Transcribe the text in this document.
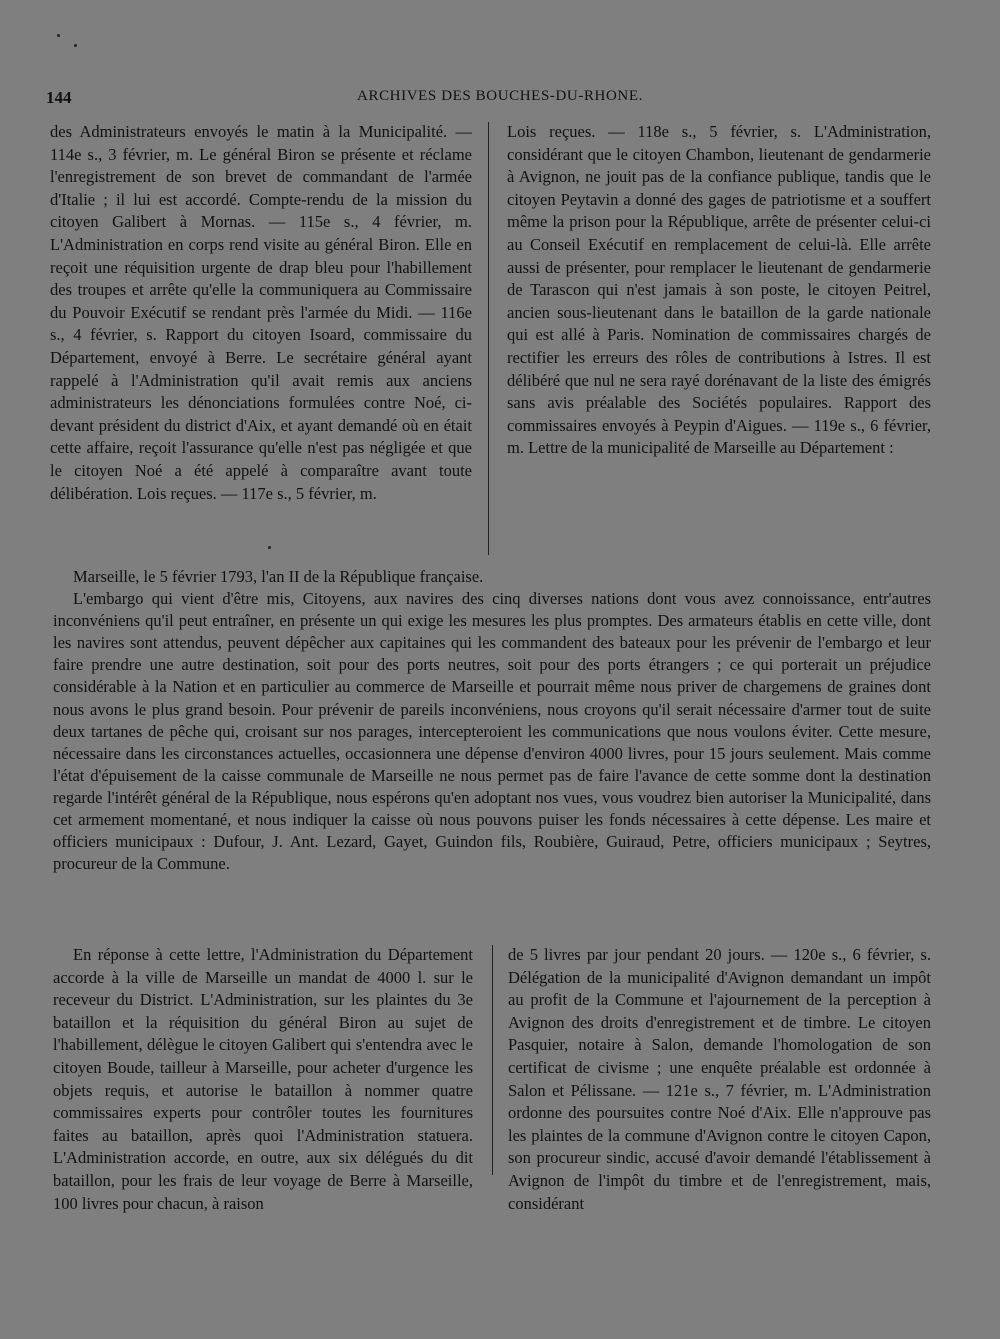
144	ARCHIVES DES BOUCHES-DU-RHONE.

des Administrateurs envoyés le matin à la Municipalité. — 114e s., 3 février, m. Le général Biron se présente et réclame l'enregistrement de son brevet de commandant de l'armée d'Italie ; il lui est accordé. Compte-rendu de la mission du citoyen Galibert à Mornas. — 115e s., 4 février, m. L'Administration en corps rend visite au général Biron. Elle en reçoit une réquisition urgente de drap bleu pour l'habillement des troupes et arrête qu'elle la communiquera au Commissaire du Pouvoir Exécutif se rendant près l'armée du Midi. — 116e s., 4 février, s. Rapport du citoyen Isoard, commissaire du Département, envoyé à Berre. Le secrétaire général ayant rappelé à l'Administration qu'il avait remis aux anciens administrateurs les dénonciations formulées contre Noé, ci-devant président du district d'Aix, et ayant demandé où en était cette affaire, reçoit l'assurance qu'elle n'est pas négligée et que le citoyen Noé a été appelé à comparaître avant toute délibération. Lois reçues. — 117e s., 5 février, m.

Lois reçues. — 118e s., 5 février, s. L'Administration, considérant que le citoyen Chambon, lieutenant de gendarmerie à Avignon, ne jouit pas de la confiance publique, tandis que le citoyen Peytavin a donné des gages de patriotisme et a souffert même la prison pour la République, arrête de présenter celui-ci au Conseil Exécutif en remplacement de celui-là. Elle arrête aussi de présenter, pour remplacer le lieutenant de gendarmerie de Tarascon qui n'est jamais à son poste, le citoyen Peitrel, ancien sous-lieutenant dans le bataillon de la garde nationale qui est allé à Paris. Nomination de commissaires chargés de rectifier les erreurs des rôles de contributions à Istres. Il est délibéré que nul ne sera rayé dorénavant de la liste des émigrés sans avis préalable des Sociétés populaires. Rapport des commissaires envoyés à Peypin d'Aigues. — 119e s., 6 février, m. Lettre de la municipalité de Marseille au Département :

Marseille, le 5 février 1793, l'an II de la République française.

L'embargo qui vient d'être mis, Citoyens, aux navires des cinq diverses nations dont vous avez connoissance, entr'autres inconvéniens qu'il peut entraîner, en présente un qui exige les mesures les plus promptes. Des armateurs établis en cette ville, dont les navires sont attendus, peuvent dépêcher aux capitaines qui les commandent des bateaux pour les prévenir de l'embargo et leur faire prendre une autre destination, soit pour des ports neutres, soit pour des ports étrangers ; ce qui porterait un préjudice considérable à la Nation et en particulier au commerce de Marseille et pourrait même nous priver de chargemens de graines dont nous avons le plus grand besoin. Pour prévenir de pareils inconvéniens, nous croyons qu'il serait nécessaire d'armer tout de suite deux tartanes de pêche qui, croisant sur nos parages, intercepteroient les communications que nous voulons éviter. Cette mesure, nécessaire dans les circonstances actuelles, occasionnera une dépense d'environ 4000 livres, pour 15 jours seulement. Mais comme l'état d'épuisement de la caisse communale de Marseille ne nous permet pas de faire l'avance de cette somme dont la destination regarde l'intérêt général de la République, nous espérons qu'en adoptant nos vues, vous voudrez bien autoriser la Municipalité, dans cet armement momentané, et nous indiquer la caisse où nous pouvons puiser les fonds nécessaires à cette dépense. Les maire et officiers municipaux : Dufour, J. Ant. Lezard, Gayet, Guindon fils, Roubière, Guiraud, Petre, officiers municipaux ; Seytres, procureur de la Commune.

En réponse à cette lettre, l'Administration du Département accorde à la ville de Marseille un mandat de 4000 l. sur le receveur du District. L'Administration, sur les plaintes du 3e bataillon et la réquisition du général Biron au sujet de l'habillement, délègue le citoyen Galibert qui s'entendra avec le citoyen Boude, tailleur à Marseille, pour acheter d'urgence les objets requis, et autorise le bataillon à nommer quatre commissaires experts pour contrôler toutes les fournitures faites au bataillon, après quoi l'Administration statuera. L'Administration accorde, en outre, aux six délégués du dit bataillon, pour les frais de leur voyage de Berre à Marseille, 100 livres pour chacun, à raison

de 5 livres par jour pendant 20 jours. — 120e s., 6 février, s. Délégation de la municipalité d'Avignon demandant un impôt au profit de la Commune et l'ajournement de la perception à Avignon des droits d'enregistrement et de timbre. Le citoyen Pasquier, notaire à Salon, demande l'homologation de son certificat de civisme ; une enquête préalable est ordonnée à Salon et Pélissane. — 121e s., 7 février, m. L'Administration ordonne des poursuites contre Noé d'Aix. Elle n'approuve pas les plaintes de la commune d'Avignon contre le citoyen Capon, son procureur sindic, accusé d'avoir demandé l'établissement à Avignon de l'impôt du timbre et de l'enregistrement, mais, considérant
